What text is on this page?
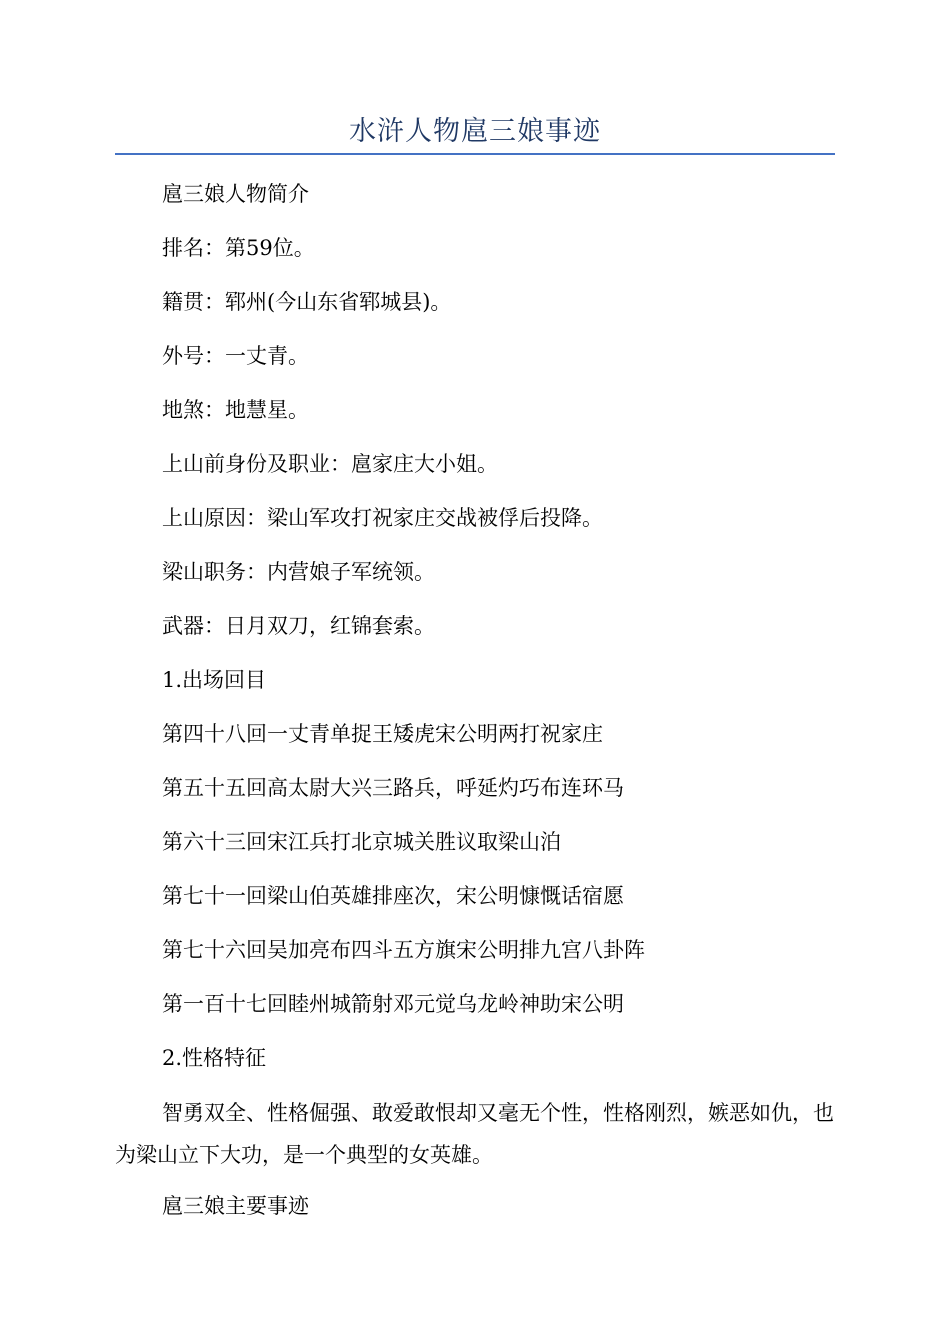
水浒人物扈三娘事迹

扈三娘人物简介

排名：第59位。

籍贯：郓州(今山东省郓城县)。

外号：一丈青。

地煞：地慧星。

上山前身份及职业：扈家庄大小姐。

上山原因：梁山军攻打祝家庄交战被俘后投降。

梁山职务：内营娘子军统领。

武器：日月双刀，红锦套索。

1.出场回目

第四十八回一丈青单捉王矮虎宋公明两打祝家庄

第五十五回高太尉大兴三路兵，呼延灼巧布连环马

第六十三回宋江兵打北京城关胜议取梁山泊

第七十一回梁山伯英雄排座次，宋公明慷慨话宿愿

第七十六回吴加亮布四斗五方旗宋公明排九宫八卦阵

第一百十七回睦州城箭射邓元觉乌龙岭神助宋公明

2.性格特征

智勇双全、性格倔强、敢爱敢恨却又毫无个性，性格刚烈，嫉恶如仇，也为梁山立下大功，是一个典型的女英雄。

扈三娘主要事迹
